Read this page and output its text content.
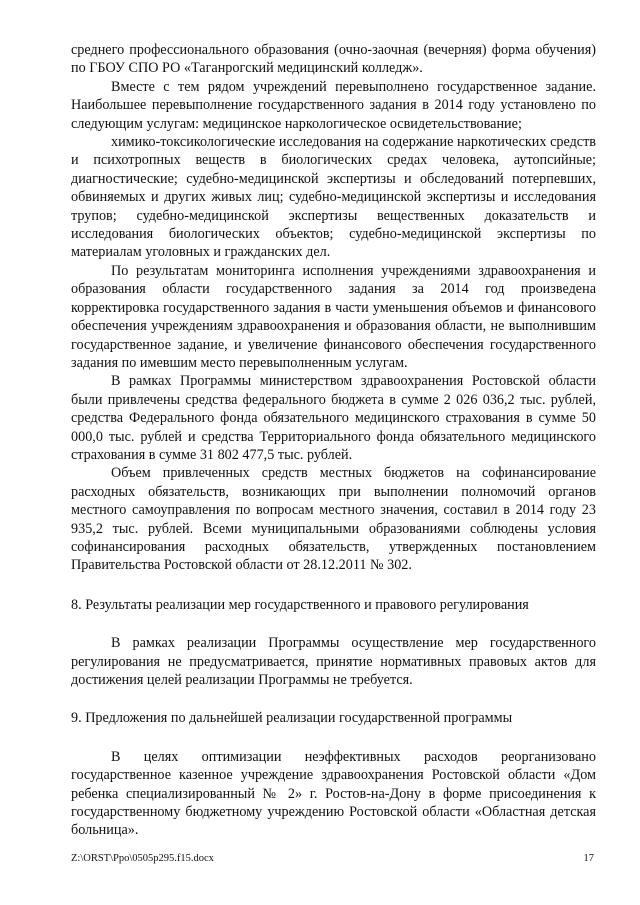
среднего профессионального образования (очно-заочная (вечерняя) форма обучения) по ГБОУ СПО РО «Таганрогский медицинский колледж».

Вместе с тем рядом учреждений перевыполнено государственное задание. Наибольшее перевыполнение государственного задания в 2014 году установлено по следующим услугам: медицинское наркологическое освидетельствование;

химико-токсикологические исследования на содержание наркотических средств и психотропных веществ в биологических средах человека, аутопсийные; диагностические; судебно-медицинской экспертизы и обследований потерпевших, обвиняемых и других живых лиц; судебно-медицинской экспертизы и исследования трупов; судебно-медицинской экспертизы вещественных доказательств и исследования биологических объектов; судебно-медицинской экспертизы по материалам уголовных и гражданских дел.

По результатам мониторинга исполнения учреждениями здравоохранения и образования области государственного задания за 2014 год произведена корректировка государственного задания в части уменьшения объемов и финансового обеспечения учреждениям здравоохранения и образования области, не выполнившим государственное задание, и увеличение финансового обеспечения государственного задания по имевшим место перевыполненным услугам.

В рамках Программы министерством здравоохранения Ростовской области были привлечены средства федерального бюджета в сумме 2 026 036,2 тыс. рублей, средства Федерального фонда обязательного медицинского страхования в сумме 50 000,0 тыс. рублей и средства Территориального фонда обязательного медицинского страхования в сумме 31 802 477,5 тыс. рублей.

Объем привлеченных средств местных бюджетов на софинансирование расходных обязательств, возникающих при выполнении полномочий органов местного самоуправления по вопросам местного значения, составил в 2014 году 23 935,2 тыс. рублей. Всеми муниципальными образованиями соблюдены условия софинансирования расходных обязательств, утвержденных постановлением Правительства Ростовской области от 28.12.2011 № 302.

8. Результаты реализации мер государственного и правового регулирования

В рамках реализации Программы осуществление мер государственного регулирования не предусматривается, принятие нормативных правовых актов для достижения целей реализации Программы не требуется.

9. Предложения по дальнейшей реализации государственной программы

В целях оптимизации неэффективных расходов реорганизовано государственное казенное учреждение здравоохранения Ростовской области «Дом ребенка специализированный № 2» г. Ростов-на-Дону в форме присоединения к государственному бюджетному учреждению Ростовской области «Областная детская больница».

Z:\ORST\Ppo\0505p295.f15.docx	17
